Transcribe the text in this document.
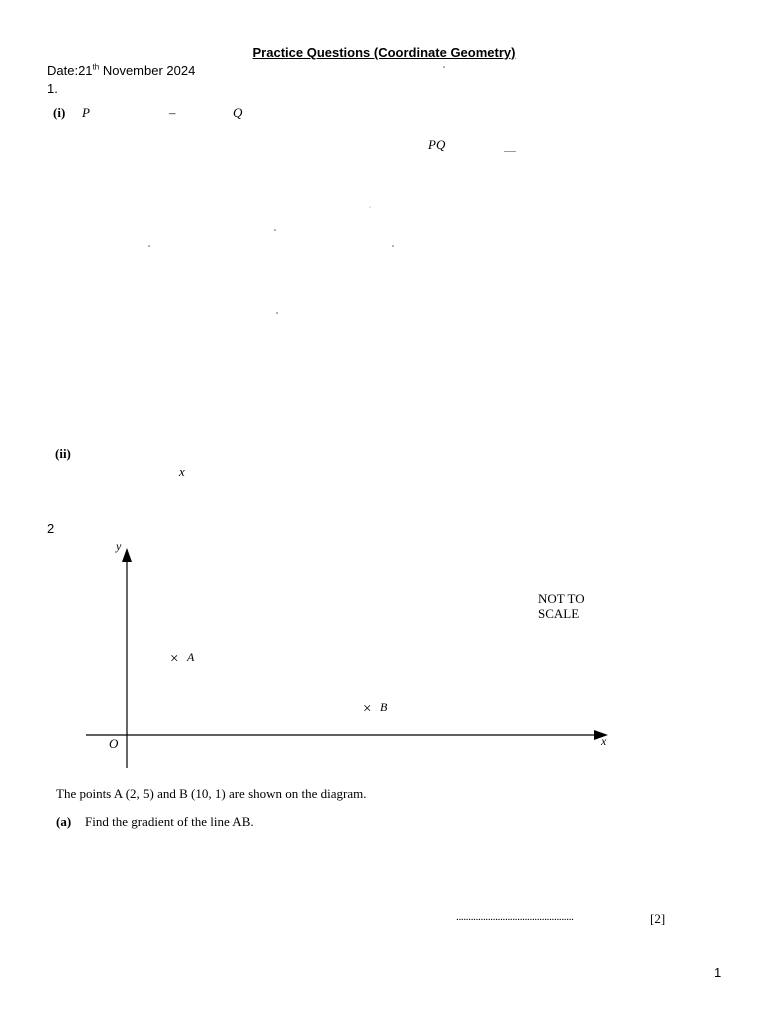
Practice Questions (Coordinate Geometry)
Date:21th November 2024
1.
(i) P	–	Q
PQ
(ii)
x
2
y
x
O
NOT TO
SCALE
× A
× B
The points A (2, 5) and B (10, 1) are shown on the diagram.
(a) Find the gradient of the line AB.
................................................	[2]
1
